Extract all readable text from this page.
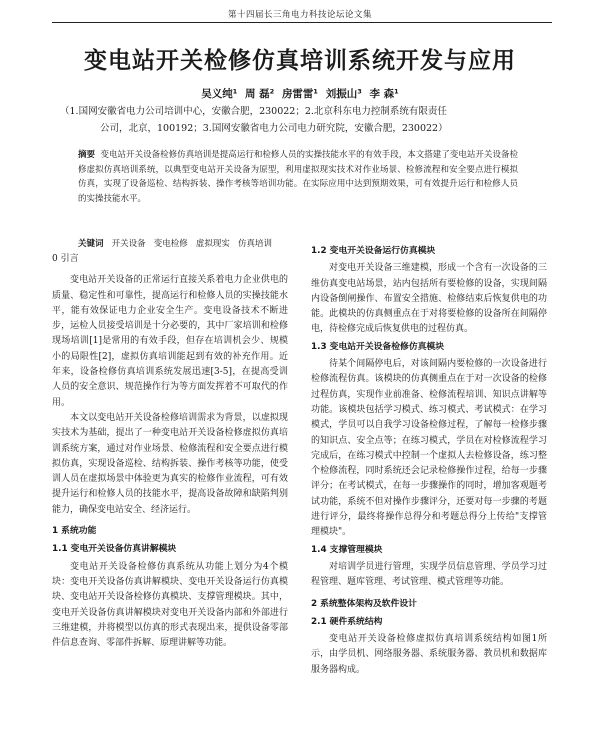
第十四届长三角电力科技论坛论文集
变电站开关检修仿真培训系统开发与应用
吴义纯¹ 周 磊² 房雷雷¹ 刘振山³ 李 森¹
（1.国网安徽省电力公司培训中心，安徽合肥，230022；2.北京科东电力控制系统有限责任
公司，北京，100192；3.国网安徽省电力公司电力研究院，安徽合肥，230022）
摘要 变电站开关设备检修仿真培训是提高运行和检修人员的实操技能水平的有效手段，本文搭建了变电站开关设备检修虚拟仿真培训系统，以典型变电站开关设备为原型，利用虚拟现实技术对作业场景、检修流程和安全要点进行模拟仿真，实现了设备巡检、结构拆装、操作考核等培训功能。在实际应用中达到预期效果，可有效提升运行和检修人员的实操技能水平。
关键词 开关设备 变电检修 虚拟现实 仿真培训
0 引言

变电站开关设备的正常运行直接关系着电力企业供电的质量、稳定性和可靠性，提高运行和检修人员的实操技能水平，能有效保证电力企业安全生产。变电设备技术不断进步，运检人员接受培训是十分必要的，其中厂家培训和检修现场培训[1]是常用的有效手段，但存在培训机会少、规模小的局限性[2]，虚拟仿真培训能起到有效的补充作用。近年来，设备检修仿真培训系统发展迅速[3-5]，在提高受训人员的安全意识、规范操作行为等方面发挥着不可取代的作用。

本文以变电站开关设备检修培训需求为背景，以虚拟现实技术为基础，提出了一种变电站开关设备检修虚拟仿真培训系统方案，通过对作业场景、检修流程和安全要点进行模拟仿真，实现设备巡检、结构拆装、操作考核等功能，使受训人员在虚拟场景中体验更为真实的检修作业流程，可有效提升运行和检修人员的技能水平，提高设备故障和缺陷判别能力，确保变电站安全、经济运行。

1 系统功能
1.1 变电开关设备仿真讲解模块

变电站开关设备检修仿真系统从功能上划分为4个模块：变电开关设备仿真讲解模块、变电开关设备运行仿真模块、变电站开关设备检修仿真模块、支撑管理模块。其中，变电开关设备仿真讲解模块对变电开关设备内部和外部进行三维建模，并将模型以仿真的形式表现出来，提供设备零部件信息查询、零部件拆解、原理讲解等功能。

1.2 变电开关设备运行仿真模块

对变电开关设备三维建模，形成一个含有一次设备的三维仿真变电站场景，站内包括所有要检修的设备，实现间隔内设备倒闸操作、布置安全措施、检修结束后恢复供电的功能。此模块的仿真侧重点在于对将要检修的设备所在间隔停电，待检修完成后恢复供电的过程仿真。

1.3 变电站开关设备检修仿真模块

待某个间隔停电后，对该间隔内要检修的一次设备进行检修流程仿真。该模块的仿真侧重点在于对一次设备的检修过程仿真，实现作业前准备、检修流程培训、知识点讲解等功能。该模块包括学习模式、练习模式、考试模式：在学习模式，学员可以自我学习设备检修过程，了解每一检修步骤的知识点、安全点等；在练习模式，学员在对检修流程学习完成后，在练习模式中控制一个虚拟人去检修设备，练习整个检修流程，同时系统还会记录检修操作过程，给每一步骤评分；在考试模式，在每一步骤操作的同时，增加客观题考试功能，系统不但对操作步骤评分，还要对每一步骤的考题进行评分，最终将操作总得分和考题总得分上传给"支撑管理模块"。

1.4 支撑管理模块

对培训学员进行管理，实现学员信息管理、学员学习过程管理、题库管理、考试管理、模式管理等功能。

2 系统整体架构及软件设计
2.1 硬件系统结构

变电站开关设备检修虚拟仿真培训系统结构如图1所示，由学员机、网络服务器、系统服务器、教员机和数据库服务器构成。
